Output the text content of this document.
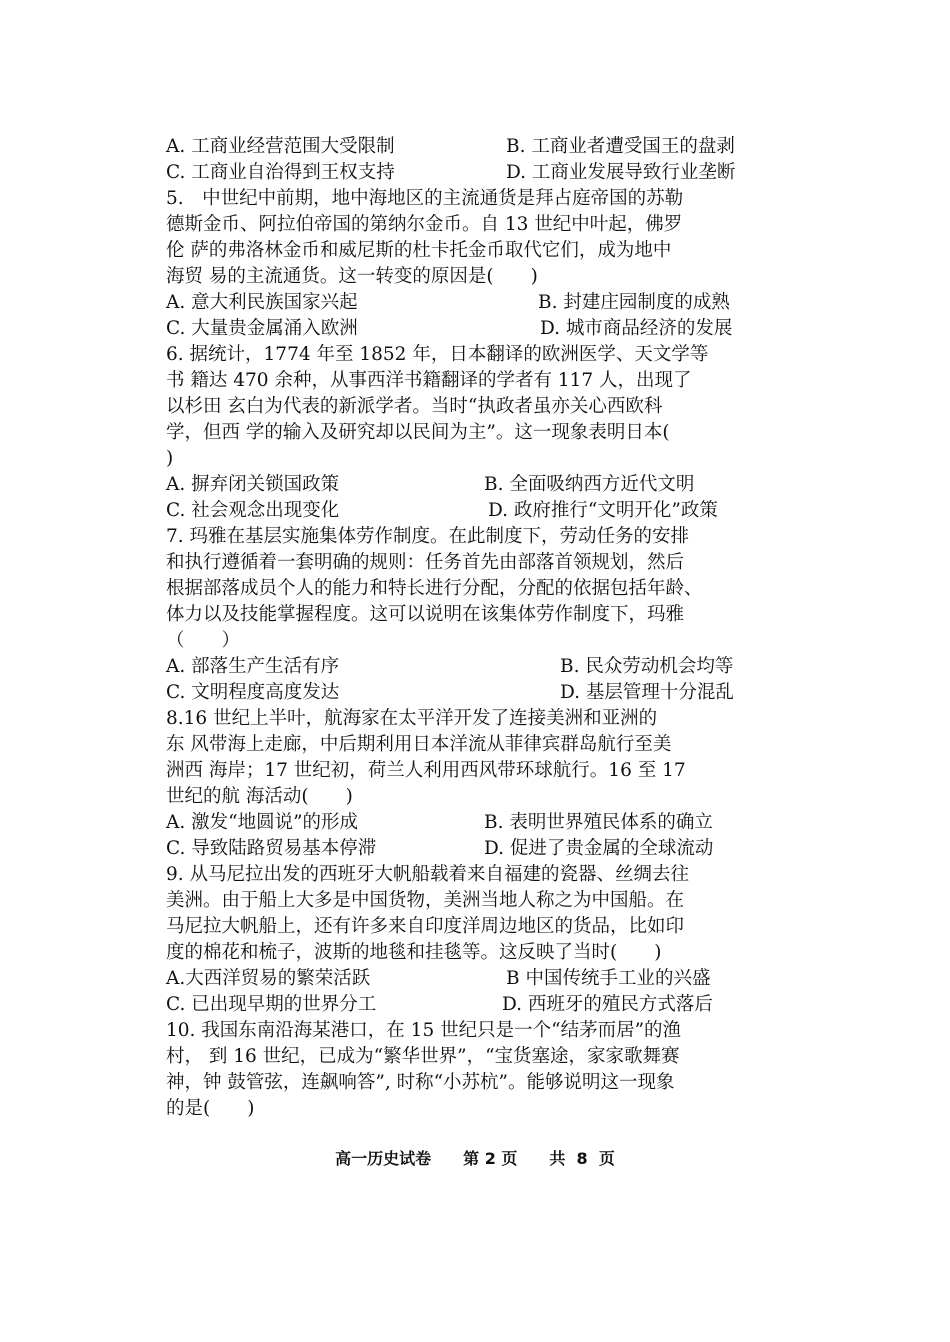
A. 工商业经营范围大受限制	B. 工商业者遭受国王的盘剥
C. 工商业自治得到王权支持	D. 工商业发展导致行业垄断
5.　中世纪中前期，地中海地区的主流通货是拜占庭帝国的苏勒
德斯金币、阿拉伯帝国的第纳尔金币。自 13 世纪中叶起，佛罗
伦 萨的弗洛林金币和威尼斯的杜卡托金币取代它们，成为地中
海贸 易的主流通货。这一转变的原因是(　　)
A. 意大利民族国家兴起	B. 封建庄园制度的成熟
C. 大量贵金属涌入欧洲	D. 城市商品经济的发展
6. 据统计，1774 年至 1852 年，日本翻译的欧洲医学、天文学等
书 籍达 470 余种，从事西洋书籍翻译的学者有 117 人，出现了
以杉田 玄白为代表的新派学者。当时“执政者虽亦关心西欧科
学，但西 学的输入及研究却以民间为主”。这一现象表明日本(
)
A. 摒弃闭关锁国政策	B. 全面吸纳西方近代文明
C. 社会观念出现变化	D. 政府推行“文明开化”政策
7. 玛雅在基层实施集体劳作制度。在此制度下，劳动任务的安排
和执行遵循着一套明确的规则：任务首先由部落首领规划，然后
根据部落成员个人的能力和特长进行分配，分配的依据包括年龄、
体力以及技能掌握程度。这可以说明在该集体劳作制度下，玛雅
（　　）
A. 部落生产生活有序	B. 民众劳动机会均等
C. 文明程度高度发达	D. 基层管理十分混乱
8.16 世纪上半叶，航海家在太平洋开发了连接美洲和亚洲的
东 风带海上走廊，中后期利用日本洋流从菲律宾群岛航行至美
洲西 海岸；17 世纪初，荷兰人利用西风带环球航行。16 至 17
世纪的航 海活动(　　)
A. 激发“地圆说”的形成	B. 表明世界殖民体系的确立
C. 导致陆路贸易基本停滞	D. 促进了贵金属的全球流动
9. 从马尼拉出发的西班牙大帆船载着来自福建的瓷器、丝绸去往
美洲。由于船上大多是中国货物，美洲当地人称之为中国船。在
马尼拉大帆船上，还有许多来自印度洋周边地区的货品，比如印
度的棉花和梳子，波斯的地毯和挂毯等。这反映了当时(　　)
A.大西洋贸易的繁荣活跃	B 中国传统手工业的兴盛
C. 已出现早期的世界分工	D. 西班牙的殖民方式落后
10. 我国东南沿海某港口，在 15 世纪只是一个“结茅而居”的渔
村， 到 16 世纪，已成为“繁华世界”，“宝货塞途，家家歌舞赛
神，钟 鼓管弦，连飙响答”, 时称“小苏杭”。能够说明这一现象
的是(　　)
高一历史试卷　　第 2 页　　共  8  页
